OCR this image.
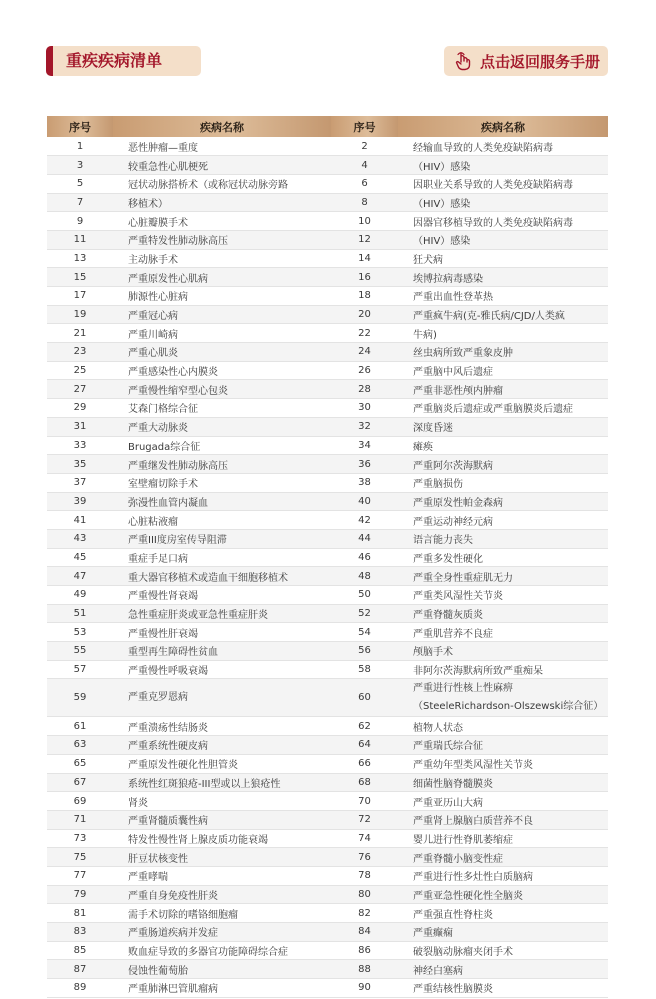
重疾疾病清单	点击返回服务手册
序号	疾病名称	序号	疾病名称
1	恶性肿瘤—重度	2	经输血导致的人类免疫缺陷病毒
3	较重急性心肌梗死	4	（HIV）感染
5	冠状动脉搭桥术（或称冠状动脉旁路	6	因职业关系导致的人类免疫缺陷病毒
7	移植术）	8	（HIV）感染
9	心脏瓣膜手术	10	因器官移植导致的人类免疫缺陷病毒
11	严重特发性肺动脉高压	12	（HIV）感染
13	主动脉手术	14	狂犬病
15	严重原发性心肌病	16	埃博拉病毒感染
17	肺源性心脏病	18	严重出血性登革热
19	严重冠心病	20	严重疯牛病(克-雅氏病/CJD/人类疯
21	严重川崎病	22	牛病)
23	严重心肌炎	24	丝虫病所致严重象皮肿
25	严重感染性心内膜炎	26	严重脑中风后遗症
27	严重慢性缩窄型心包炎	28	严重非恶性颅内肿瘤
29	艾森门格综合征	30	严重脑炎后遗症或严重脑膜炎后遗症
31	严重大动脉炎	32	深度昏迷
33	Brugada综合征	34	瘫痪
35	严重继发性肺动脉高压	36	严重阿尔茨海默病
37	室壁瘤切除手术	38	严重脑损伤
39	弥漫性血管内凝血	40	严重原发性帕金森病
41	心脏粘液瘤	42	严重运动神经元病
43	严重III度房室传导阻滞	44	语言能力丧失
45	重症手足口病	46	严重多发性硬化
47	重大器官移植术或造血干细胞移植术	48	严重全身性重症肌无力
49	严重慢性肾衰竭	50	严重类风湿性关节炎
51	急性重症肝炎或亚急性重症肝炎	52	严重脊髓灰质炎
53	严重慢性肝衰竭	54	严重肌营养不良症
55	重型再生障碍性贫血	56	颅脑手术
57	严重慢性呼吸衰竭	58	非阿尔茨海默病所致严重痴呆
59	严重克罗恩病	60	严重进行性核上性麻痹
（SteeleRichardson-Olszewski综合征）

61	严重溃疡性结肠炎	62	植物人状态
63	严重系统性硬皮病	64	严重瑞氏综合征
65	严重原发性硬化性胆管炎	66	严重幼年型类风湿性关节炎
67	系统性红斑狼疮-III型或以上狼疮性	68	细菌性脑脊髓膜炎
69	肾炎	70	严重亚历山大病
71	严重肾髓质囊性病	72	严重肾上腺脑白质营养不良
73	特发性慢性肾上腺皮质功能衰竭	74	婴儿进行性脊肌萎缩症
75	肝豆状核变性	76	严重脊髓小脑变性症
77	严重哮喘	78	严重进行性多灶性白质脑病
79	严重自身免疫性肝炎	80	严重亚急性硬化性全脑炎
81	需手术切除的嗜铬细胞瘤	82	严重强直性脊柱炎
83	严重肠道疾病并发症	84	严重癫痫
85	败血症导致的多器官功能障碍综合症	86	破裂脑动脉瘤夹闭手术
87	侵蚀性葡萄胎	88	神经白塞病
89	严重肺淋巴管肌瘤病	90	严重结核性脑膜炎
